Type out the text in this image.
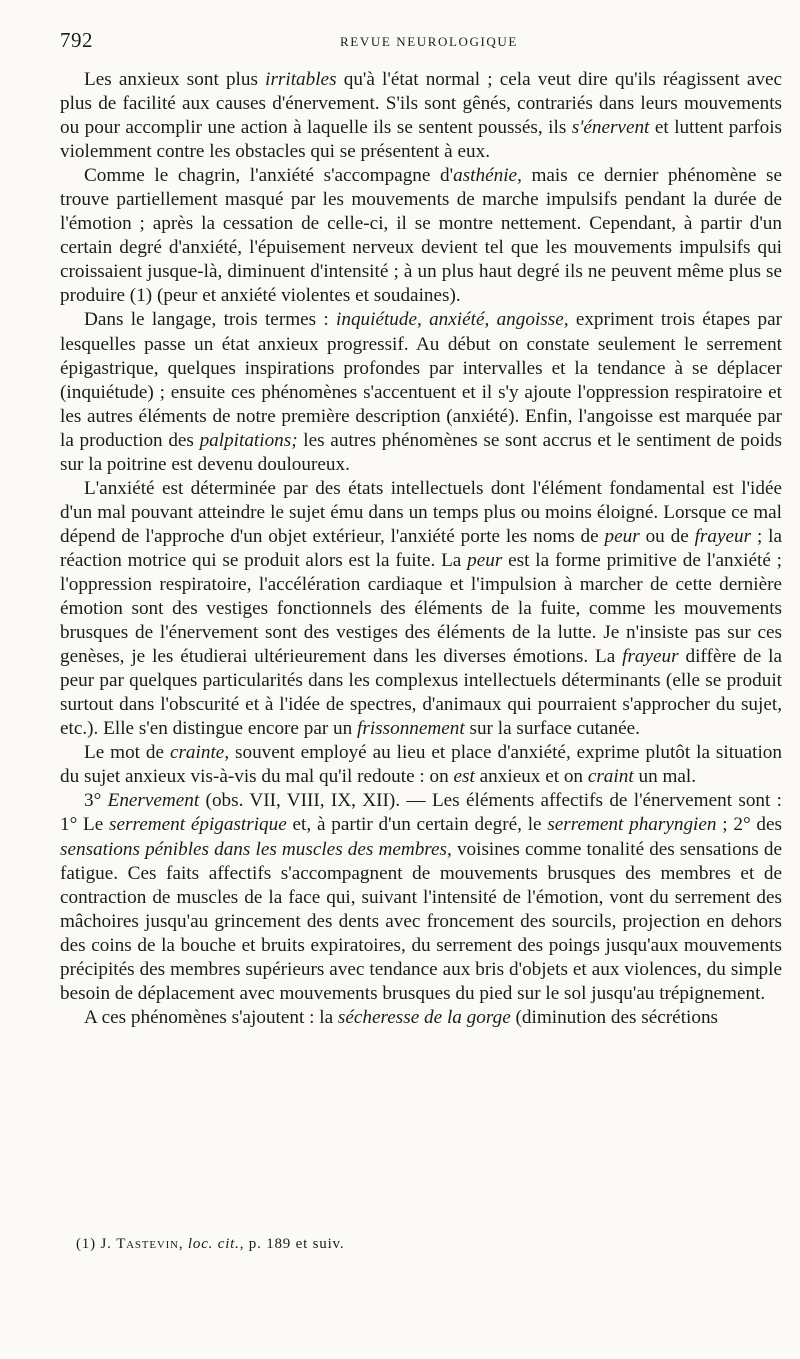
792	REVUE NEUROLOGIQUE

Les anxieux sont plus irritables qu'à l'état normal ; cela veut dire qu'ils réagissent avec plus de facilité aux causes d'énervement. S'ils sont gênés, contrariés dans leurs mouvements ou pour accomplir une action à laquelle ils se sentent poussés, ils s'énervent et luttent parfois violemment contre les obstacles qui se présentent à eux.

Comme le chagrin, l'anxiété s'accompagne d'asthénie, mais ce dernier phénomène se trouve partiellement masqué par les mouvements de marche impulsifs pendant la durée de l'émotion ; après la cessation de celle-ci, il se montre nettement. Cependant, à partir d'un certain degré d'anxiété, l'épuisement nerveux devient tel que les mouvements impulsifs qui croissaient jusque-là, diminuent d'intensité ; à un plus haut degré ils ne peuvent même plus se produire (1) (peur et anxiété violentes et soudaines).

Dans le langage, trois termes : inquiétude, anxiété, angoisse, expriment trois étapes par lesquelles passe un état anxieux progressif. Au début on constate seulement le serrement épigastrique, quelques inspirations profondes par intervalles et la tendance à se déplacer (inquiétude) ; ensuite ces phénomènes s'accentuent et il s'y ajoute l'oppression respiratoire et les autres éléments de notre première description (anxiété). Enfin, l'angoisse est marquée par la production des palpitations; les autres phénomènes se sont accrus et le sentiment de poids sur la poitrine est devenu douloureux.

L'anxiété est déterminée par des états intellectuels dont l'élément fondamental est l'idée d'un mal pouvant atteindre le sujet ému dans un temps plus ou moins éloigné. Lorsque ce mal dépend de l'approche d'un objet extérieur, l'anxiété porte les noms de peur ou de frayeur ; la réaction motrice qui se produit alors est la fuite. La peur est la forme primitive de l'anxiété ; l'oppression respiratoire, l'accélération cardiaque et l'impulsion à marcher de cette dernière émotion sont des vestiges fonctionnels des éléments de la fuite, comme les mouvements brusques de l'énervement sont des vestiges des éléments de la lutte. Je n'insiste pas sur ces genèses, je les étudierai ultérieurement dans les diverses émotions. La frayeur diffère de la peur par quelques particularités dans les complexus intellectuels déterminants (elle se produit surtout dans l'obscurité et à l'idée de spectres, d'animaux qui pourraient s'approcher du sujet, etc.). Elle s'en distingue encore par un frissonnement sur la surface cutanée.

Le mot de crainte, souvent employé au lieu et place d'anxiété, exprime plutôt la situation du sujet anxieux vis-à-vis du mal qu'il redoute : on est anxieux et on craint un mal.

3° Enervement (obs. VII, VIII, IX, XII). — Les éléments affectifs de l'énervement sont : 1° Le serrement épigastrique et, à partir d'un certain degré, le serrement pharyngien ; 2° des sensations pénibles dans les muscles des membres, voisines comme tonalité des sensations de fatigue. Ces faits affectifs s'accompagnent de mouvements brusques des membres et de contraction de muscles de la face qui, suivant l'intensité de l'émotion, vont du serrement des mâchoires jusqu'au grincement des dents avec froncement des sourcils, projection en dehors des coins de la bouche et bruits expiratoires, du serrement des poings jusqu'aux mouvements précipités des membres supérieurs avec tendance aux bris d'objets et aux violences, du simple besoin de déplacement avec mouvements brusques du pied sur le sol jusqu'au trépignement.

A ces phénomènes s'ajoutent : la sécheresse de la gorge (diminution des sécrétions

(1) J. Tastevin, loc. cit., p. 189 et suiv.
